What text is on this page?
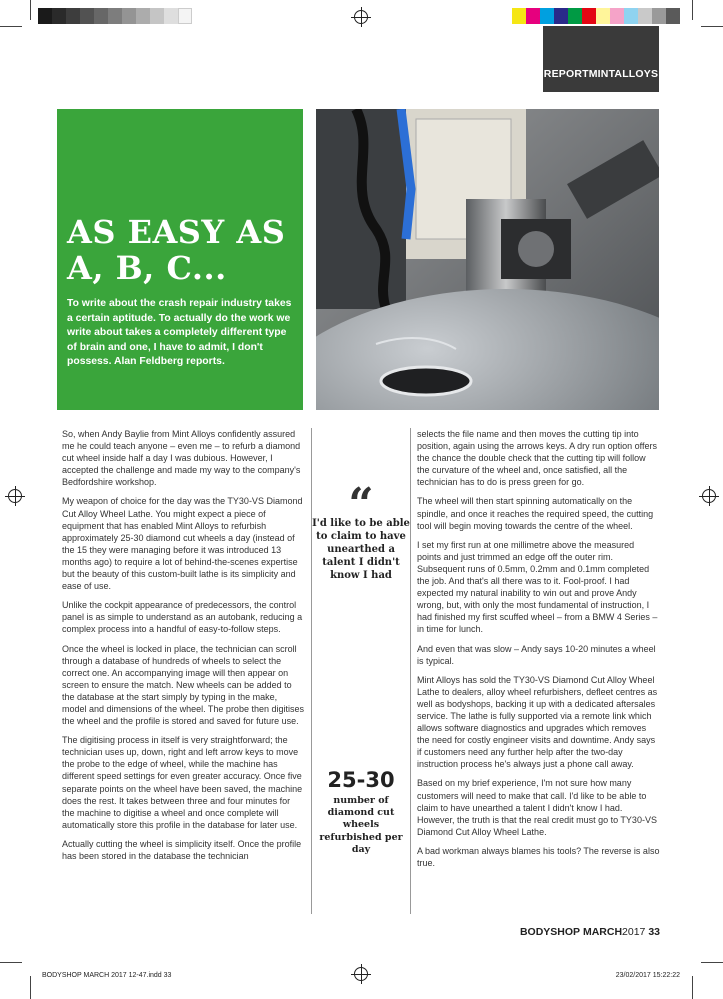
REPORTMINTALLOYS
AS EASY AS
A, B, C...
To write about the crash repair industry takes a certain aptitude. To actually do the work we write about takes a completely different type of brain and one, I have to admit, I don't possess. Alan Feldberg reports.

So, when Andy Baylie from Mint Alloys confidently assured me he could teach anyone – even me – to refurb a diamond cut wheel inside half a day I was dubious. However, I accepted the challenge and made my way to the company's Bedfordshire workshop.

My weapon of choice for the day was the TY30-VS Diamond Cut Alloy Wheel Lathe. You might expect a piece of equipment that has enabled Mint Alloys to refurbish approximately 25-30 diamond cut wheels a day (instead of the 15 they were managing before it was introduced 13 months ago) to require a lot of behind-the-scenes expertise but the beauty of this custom-built lathe is its simplicity and ease of use.

Unlike the cockpit appearance of predecessors, the control panel is as simple to understand as an autobank, reducing a complex process into a handful of easy-to-follow steps.

Once the wheel is locked in place, the technician can scroll through a database of hundreds of wheels to select the correct one. An accompanying image will then appear on screen to ensure the match. New wheels can be added to the database at the start simply by typing in the make, model and dimensions of the wheel. The probe then digitises the wheel and the profile is stored and saved for future use.

The digitising process in itself is very straightforward; the technician uses up, down, right and left arrow keys to move the probe to the edge of wheel, while the machine has different speed settings for even greater accuracy. Once five separate points on the wheel have been saved, the machine does the rest. It takes between three and four minutes for the machine to digitise a wheel and once complete will automatically store this profile in the database for later use.

Actually cutting the wheel is simplicity itself. Once the profile has been stored in the database the technician

“
I'd like to be able to claim to have unearthed a talent I didn't know I had
25-30
number of diamond cut wheels refurbished per day

selects the file name and then moves the cutting tip into position, again using the arrows keys. A dry run option offers the chance the double check that the cutting tip will follow the curvature of the wheel and, once satisfied, all the technician has to do is press green for go.

The wheel will then start spinning automatically on the spindle, and once it reaches the required speed, the cutting tool will begin moving towards the centre of the wheel.

I set my first run at one millimetre above the measured points and just trimmed an edge off the outer rim. Subsequent runs of 0.5mm, 0.2mm and 0.1mm completed the job. And that's all there was to it. Fool-proof. I had expected my natural inability to win out and prove Andy wrong, but, with only the most fundamental of instruction, I had finished my first scuffed wheel – from a BMW 4 Series – in time for lunch.

And even that was slow – Andy says 10-20 minutes a wheel is typical.

Mint Alloys has sold the TY30-VS Diamond Cut Alloy Wheel Lathe to dealers, alloy wheel refurbishers, defleet centres as well as bodyshops, backing it up with a dedicated aftersales service. The lathe is fully supported via a remote link which allows software diagnostics and upgrades which removes the need for costly engineer visits and downtime. Andy says if customers need any further help after the two-day instruction process he's always just a phone call away.

Based on my brief experience, I'm not sure how many customers will need to make that call. I'd like to be able to claim to have unearthed a talent I didn't know I had. However, the truth is that the real credit must go to TY30-VS Diamond Cut Alloy Wheel Lathe.

A bad workman always blames his tools? The reverse is also true.

BODYSHOP MARCH2017 33
BODYSHOP MARCH 2017 12-47.indd 33	23/02/2017 15:22:22
